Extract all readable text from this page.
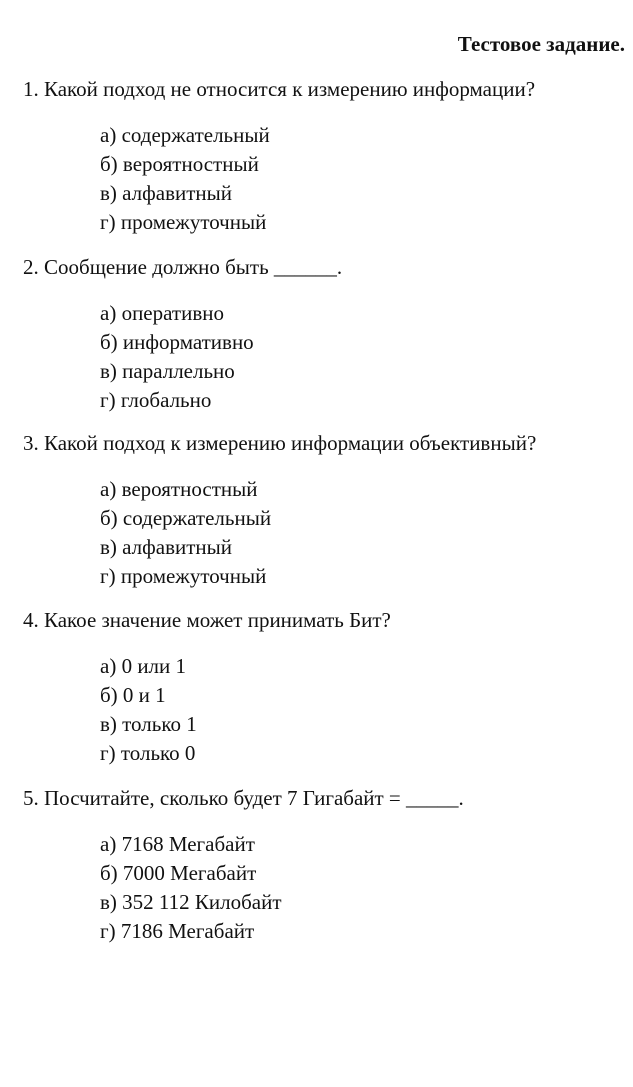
Тестовое задание.
1. Какой подход не относится к измерению информации?
а) содержательный
б) вероятностный
в) алфавитный
г) промежуточный
2. Сообщение должно быть ______.
а) оперативно
б) информативно
в) параллельно
г) глобально
3. Какой подход к измерению информации объективный?
а) вероятностный
б) содержательный
в) алфавитный
г) промежуточный
4. Какое значение может принимать Бит?
а) 0 или 1
б) 0 и 1
в) только 1
г) только 0
5. Посчитайте, сколько будет 7 Гигабайт = _____.
а) 7168 Мегабайт
б) 7000 Мегабайт
в) 352 112 Килобайт
г) 7186 Мегабайт
